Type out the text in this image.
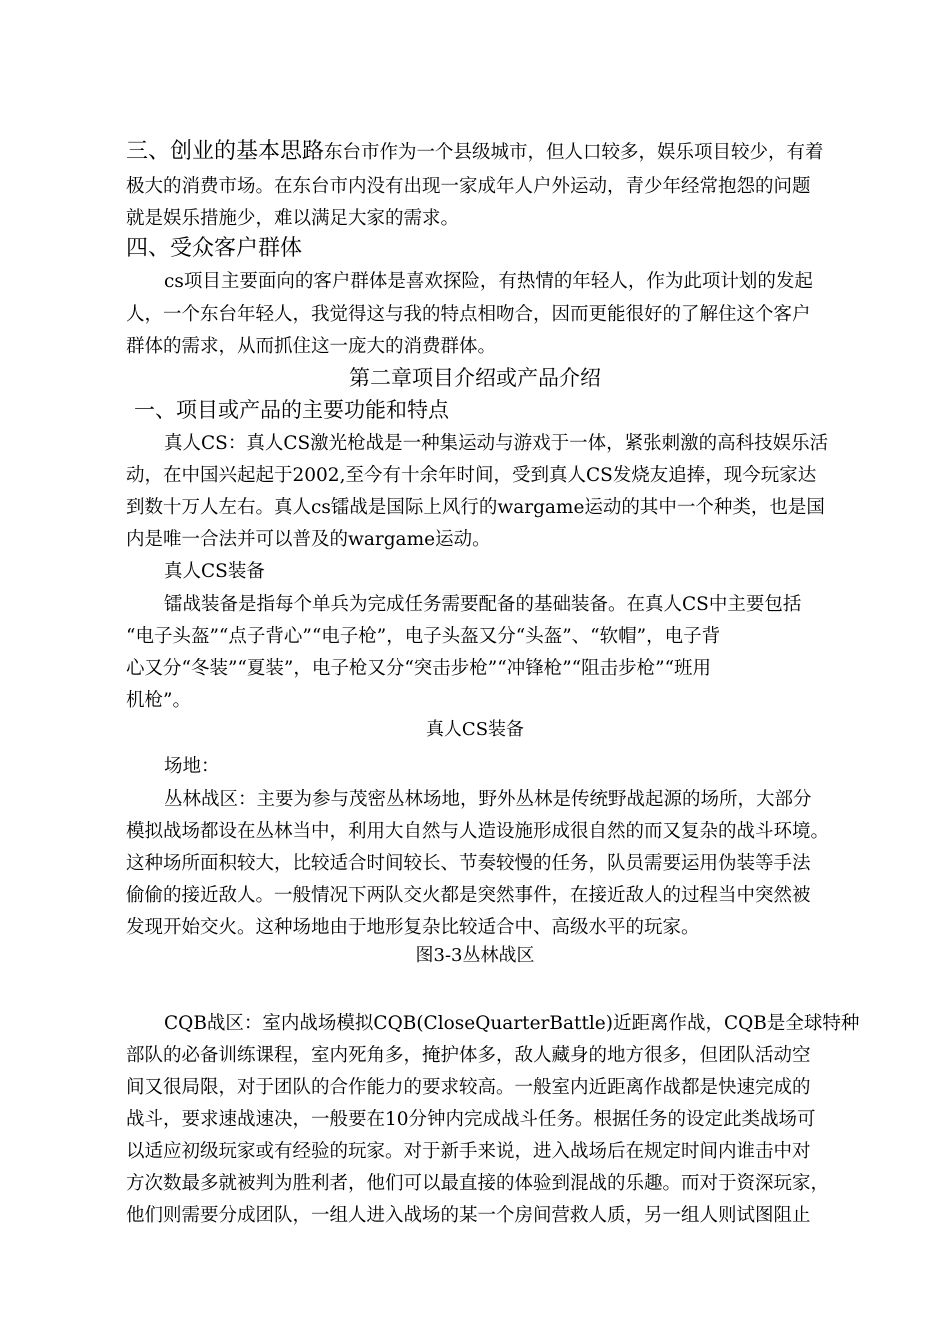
三、创业的基本思路东台市作为一个县级城市，但人口较多，娱乐项目较少，有着

极大的消费市场。在东台市内没有出现一家成年人户外运动，青少年经常抱怨的问题

就是娱乐措施少，难以满足大家的需求。

四、受众客户群体

cs项目主要面向的客户群体是喜欢探险，有热情的年轻人，作为此项计划的发起

人，一个东台年轻人，我觉得这与我的特点相吻合，因而更能很好的了解住这个客户

群体的需求，从而抓住这一庞大的消费群体。

第二章项目介绍或产品介绍

一、项目或产品的主要功能和特点

真人CS：真人CS激光枪战是一种集运动与游戏于一体，紧张刺激的高科技娱乐活

动，在中国兴起起于2002,至今有十余年时间，受到真人CS发烧友追捧，现今玩家达

到数十万人左右。真人cs镭战是国际上风行的wargame运动的其中一个种类，也是国

内是唯一合法并可以普及的wargame运动。

真人CS装备

镭战装备是指每个单兵为完成任务需要配备的基础装备。在真人CS中主要包括

“电子头盔”“点子背心”“电子枪”，电子头盔又分“头盔”、“软帽”，电子背

心又分“冬装”“夏装”，电子枪又分“突击步枪”“冲锋枪”“阻击步枪”“班用

机枪”。

真人CS装备

场地：

丛林战区：主要为参与茂密丛林场地，野外丛林是传统野战起源的场所，大部分

模拟战场都设在丛林当中，利用大自然与人造设施形成很自然的而又复杂的战斗环境。

这种场所面积较大，比较适合时间较长、节奏较慢的任务，队员需要运用伪装等手法

偷偷的接近敌人。一般情况下两队交火都是突然事件，在接近敌人的过程当中突然被

发现开始交火。这种场地由于地形复杂比较适合中、高级水平的玩家。

图3-3丛林战区

CQB战区：室内战场模拟CQB(CloseQuarterBattle)近距离作战，CQB是全球特种

部队的必备训练课程，室内死角多，掩护体多，敌人藏身的地方很多，但团队活动空

间又很局限，对于团队的合作能力的要求较高。一般室内近距离作战都是快速完成的

战斗，要求速战速决，一般要在10分钟内完成战斗任务。根据任务的设定此类战场可

以适应初级玩家或有经验的玩家。对于新手来说，进入战场后在规定时间内谁击中对

方次数最多就被判为胜利者，他们可以最直接的体验到混战的乐趣。而对于资深玩家，

他们则需要分成团队，一组人进入战场的某一个房间营救人质，另一组人则试图阻止
